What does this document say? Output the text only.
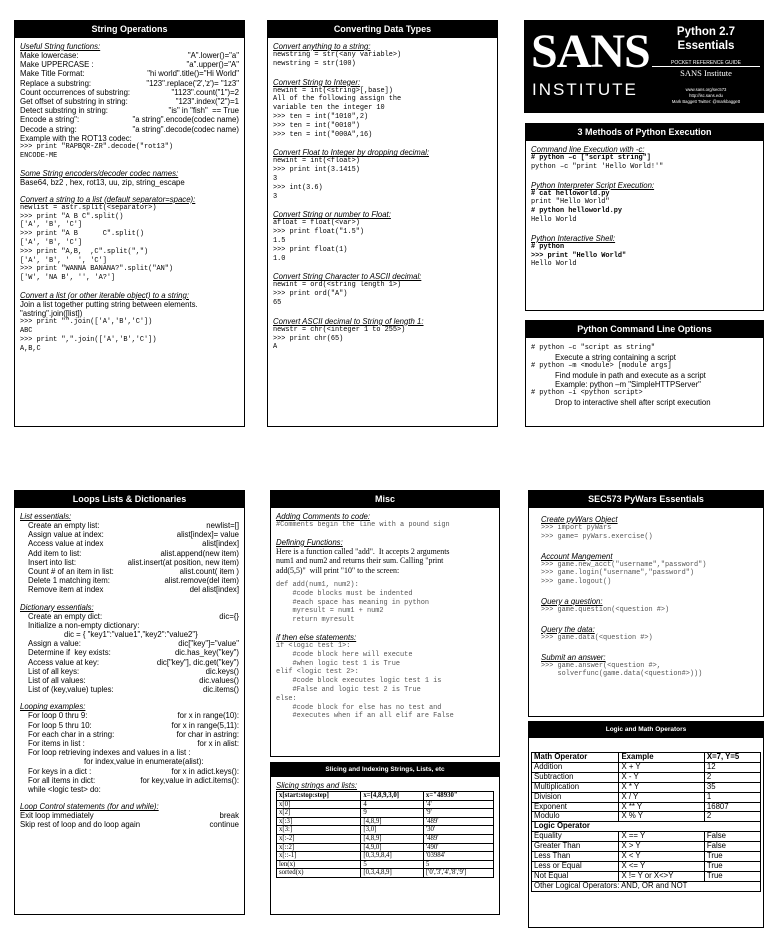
String Operations
Useful String functions:
Make lowercase:	"A".lower()="a"
Make UPPERCASE :	"a".upper()="A"
Make Title Format:	"hi world".title()="Hi World"
Replace a substring:	"123".replace('2','z')= "1z3"
Count occurrences of substring:	"1123".count("1")=2
Get offset of substring in string:	"123".index("2")=1
Detect substring in string:	"is" in "fish"  == True
Encode a string":	"a string".encode(codec name)
Decode a string:	"a string".decode(codec name)
Example with the ROT13 codec:
>>> print "RAPBQR-ZR".decode("rot13")
ENCODE-ME
Some String encoders/decoder codec names:
Base64, bz2 , hex, rot13, uu, zip, string_escape
Convert a string to a list (default separator=space):
newlist = astr.split(<separator>)
>>> print "A B C".split()
['A', 'B', 'C']
>>> print "A B      C".split()
['A', 'B', 'C']
>>> print "A,B,  ,C".split(",")
['A', 'B', '  ', 'C']
>>> print "WANNA BANANA?".split("AN")
['W', 'NA B', '', 'A?']
Convert a list (or other iterable object) to a string:
Join a list together putting string between elements.
"astring".join([list])
>>> print "".join(['A','B','C'])
ABC
>>> print ",".join(['A','B','C'])
A,B,C
Converting Data Types
Convert anything to a string:
newstring = str(<any variable>)
newstring = str(100)
Convert String to Integer:
newint = int(<string>[,base])
All of the following assign the
variable ten the integer 10
>>> ten = int("1010",2)
>>> ten = int("0010")
>>> ten = int("000A",16)
Convert Float to Integer by dropping decimal:
newint = int(<float>)
>>> print int(3.1415)
3
>>> int(3.6)
3
Convert String or number to Float:
afloat = float(<var>)
>>> print float("1.5")
1.5
>>> print float(1)
1.0
Convert String Character to ASCII decimal:
newint = ord(<string length 1>)
>>> print ord("A")
65
Convert ASCII decimal to String of length 1:
newstr = chr(<integer 1 to 255>)
>>> print chr(65)
A
SANS
INSTITUTE
Python 2.7
Essentials
POCKET REFERENCE GUIDE
SANS Institute
www.sans.org/sec573
http://isc.sans.edu
Mark Baggett Twitter: @markbaggett
3 Methods of Python Execution
Command line Execution with -c:
# python –c ["script string"]
python –c "print 'Hello World!'"
Python Interpreter Script Execution:
# cat helloworld.py
print "Hello World"
# python helloworld.py
Hello World
Python Interactive Shell:
# python
>>> print "Hello World"
Hello World
Python Command Line Options
# python –c "script as string"
Execute a string containing a script
# python –m <module> [module args]
Find module in path and execute as a script
Example: python –m "SimpleHTTPServer"
# python –i <python script>
Drop to interactive shell after script execution
Loops Lists & Dictionaries
List essentials:
Create an empty list:	newlist=[]
Assign value at index:	alist[index]= value
Access value at index	alist[index]
Add item to list:	alist.append(new item)
Insert into list:	alist.insert(at position, new item)
Count # of an item in list:	alist.count( item )
Delete 1 matching item:	alist.remove(del item)
Remove item at index	del alist[index]
Dictionary essentials:
Create an empty dict:	dic={}
Initialize a non-empty dictionary:
dic = { "key1":"value1","key2":"value2"}
Assign a value:	dic["key"]="value"
Determine if  key exists:	dic.has_key("key")
Access value at key:	dic["key"], dic.get("key")
List of all keys:	dic.keys()
List of all values:	dic.values()
List of (key,value) tuples:	dic.items()
Looping examples:
For loop 0 thru 9:	for x in range(10):
For loop 5 thru 10:	for x in range(5,11):
For each char in a string:	for char in astring:
For items in list :	for x in alist:
For loop retrieving indexes and values in a list :
for index,value in enumerate(alist):
For keys in a dict :	for x in adict.keys():
For all items in dict:	for key,value in adict.items():
while <logic test> do:
Loop Control statements (for and while):
Exit loop immediately	break
Skip rest of loop and do loop again	continue
Misc
Adding Comments to code:
#Comments begin the line with a pound sign
Defining Functions:
Here is a function called "add".  It accepts 2 arguments
num1 and num2 and returns their sum. Calling "print
add(5,5)"  will print "10" to the screen:
def add(num1, num2):
#code blocks must be indented
#each space has meaning in python
myresult = num1 + num2
return myresult
if then else statements:
if <logic test 1>:
#code block here will execute
#when logic test 1 is True
elif <logic test 2>:
#code block executes logic test 1 is
#False and logic test 2 is True
else:
#code block for else has no test and
#executes when if an all elif are False
Slicing and Indexing Strings, Lists, etc
Slicing strings and lists:
x[start:stop:step]	x=[4,8,9,3,0]	x="48930"
x[0]	4	'4'
x[2]	9	'9'
x[:3]	[4,8,9]	'489'
x[3:]	[3,0]	'30'
x[:-2]	[4,8,9]	'489'
x[::2]	[4,9,0]	'490'
x[::-1]	[0,3,9,8,4]	'03984'
len(x)	5	5
sorted(x)	[0,3,4,8,9]	['0','3','4','8','9']
SEC573 PyWars Essentials
Create pyWars Object
>>> import pyWars
>>> game= pyWars.exercise()
Account Mangement
>>> game.new_acct("username","password")
>>> game.login("username","password")
>>> game.logout()
Query a question:
>>> game.question(<question #>)
Query the data:
>>> game.data(<question #>)
Submit an answer:
>>> game.answer(<question #>,
solverfunc(game.data(<question#>)))
Logic and Math Operators
Math Operator	Example	X=7, Y=5
Addition	X + Y	12
Subtraction	X - Y	2
Multiplication	X * Y	35
Division	X / Y	1
Exponent	X ** Y	16807
Modulo	X % Y	2
Logic Operator		
Equality	X == Y	False
Greater Than	X > Y	False
Less Than	X < Y	True
Less or Equal	X <= Y	True
Not Equal	X != Y or X<>Y	True
Other Logical Operators: AND, OR and NOT		
